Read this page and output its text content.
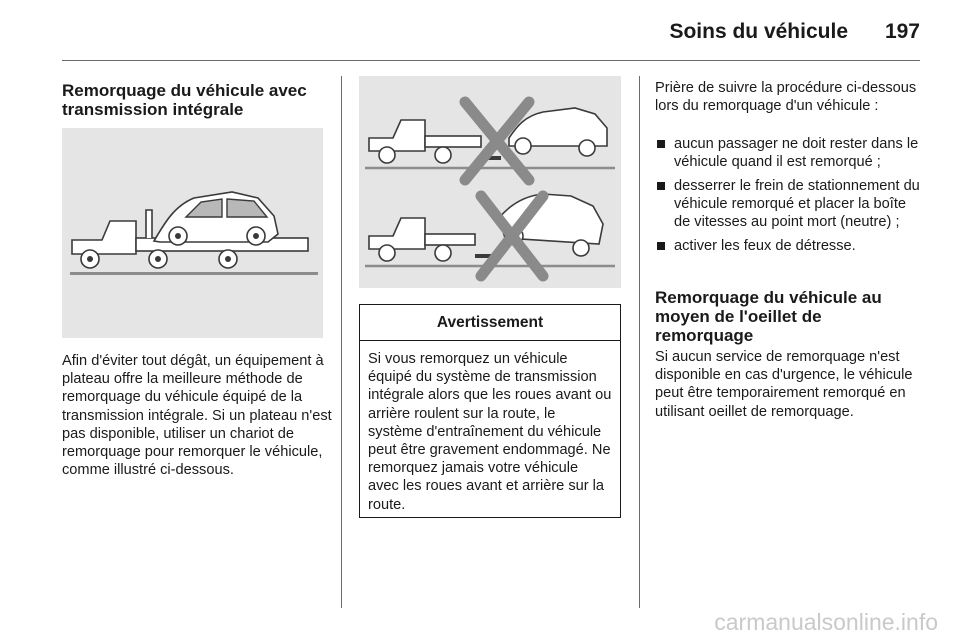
Soins du véhicule 197
Remorquage du véhicule avec transmission intégrale

Afin d'éviter tout dégât, un équipement à plateau offre la meilleure méthode de remorquage du véhicule équipé de la transmission intégrale. Si un plateau n'est pas disponible, utiliser un chariot de remorquage pour remorquer le véhicule, comme illustré ci-dessous.

Avertissement

Si vous remorquez un véhicule équipé du système de transmission intégrale alors que les roues avant ou arrière roulent sur la route, le système d'entraînement du véhicule peut être gravement endommagé. Ne remorquez jamais votre véhicule avec les roues avant et arrière sur la route.

Prière de suivre la procédure ci-dessous lors du remorquage d'un véhicule :

aucun passager ne doit rester dans le véhicule quand il est remorqué ;
desserrer le frein de stationnement du véhicule remorqué et placer la boîte de vitesses au point mort (neutre) ;
activer les feux de détresse.
Remorquage du véhicule au moyen de l'oeillet de remorquage

Si aucun service de remorquage n'est disponible en cas d'urgence, le véhicule peut être temporairement remorqué en utilisant oeillet de remorquage.

carmanualsonline.info
